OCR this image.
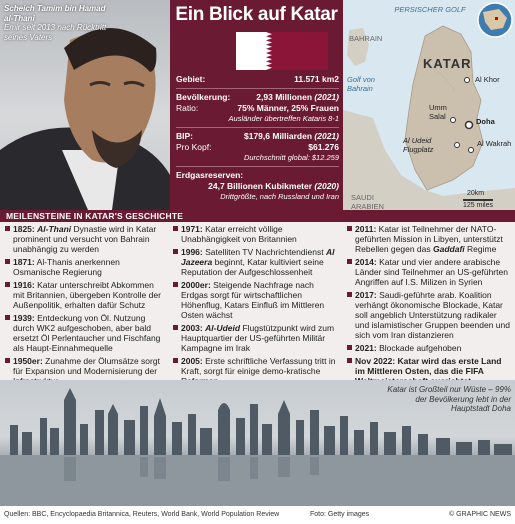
Scheich Tamim bin Hamad al-Thani
Emir seit 2013 nach Rücktritt seines Vaters
Ein Blick auf Katar
Gebiet:	11.571 km2
Bevölkerung:	2,93 Millionen (2021)
Ratio:	75% Männer, 25% Frauen
Ausländer übertreffen Kataris 8-1
BIP:	$179,6 Milliarden (2021)
Pro Kopf:	$61.276
Durchschnitt global: $12.259
Erdgasreserven:
24,7 Billionen Kubikmeter (2020)
Drittgrößte, nach Russland und Iran
PERSISCHER GOLF
BAHRAIN
Golf von Bahrain
KATAR
Al Khor
Umm Salal
Doha
Al Udeid Flugplatz
Al Wakrah
SAUDI ARABIEN
20km
125 miles
MEILENSTEINE IN KATAR'S GESCHICHTE
1825: Al-Thani Dynastie wird in Katar prominent und versucht von Bahrain unabhängig zu werden
1871: Al-Thanis anerkennen Osmanische Regierung
1916: Katar unterschreibt Abkommen mit Britannien, übergeben Kontrolle der Außenpolitik, erhalten dafür Schutz
1939: Entdeckung von Öl. Nutzung durch WK2 aufgeschoben, aber bald ersetzt Öl Perlentaucher und Fischfang als Haupt-Einnahmequelle
1950er: Zunahme der Ölumsätze sorgt für Expansion und Modernisierung der
1971: Katar erreicht völlige Unabhängigkeit von Britannien
1996: Satelliten TV Nachrichtendienst Al Jazeera beginnt, Katar kultiviert seine Reputation der Aufgeschlossenheit
2000er: Steigende Nachfrage nach Erdgas sorgt für wirtschaftlichen Höhenflug, Katars Einfluß im Mittleren Osten wächst
2003: Al-Udeid Flugstützpunkt wird zum Hauptquartier der US-geführten Militär Kampagne im Irak
2005: Erste schriftliche Verfassung tritt in Kraft, sorgt für einige demo-kratische
2011: Katar ist Teilnehmer der NATO-geführten Mission in Libyen, unterstützt Rebellen gegen das Gaddafi Regime
2014: Katar und vier andere arabische Länder sind Teilnehmer an US-geführten Angriffen auf I.S. Milizen in Syrien
2017: Saudi-geführte arab. Koalition verhängt ökonomische Blockade, Katar soll angeblich Unterstützung radikaler und islamistischer Gruppen beenden und sich vom Iran distanzieren
2021: Blockade aufgehoben
Nov 2022: Katar wird das erste Land im Mittleren Osten, das die FIFA
Katar ist Großteil nur Wüste – 99% der Bevölkerung lebt in der Hauptstadt Doha
Quellen: BBC, Encyclopaedia Britannica, Reuters, World Bank, World Population Review	Foto: Getty images	© GRAPHIC NEWS
